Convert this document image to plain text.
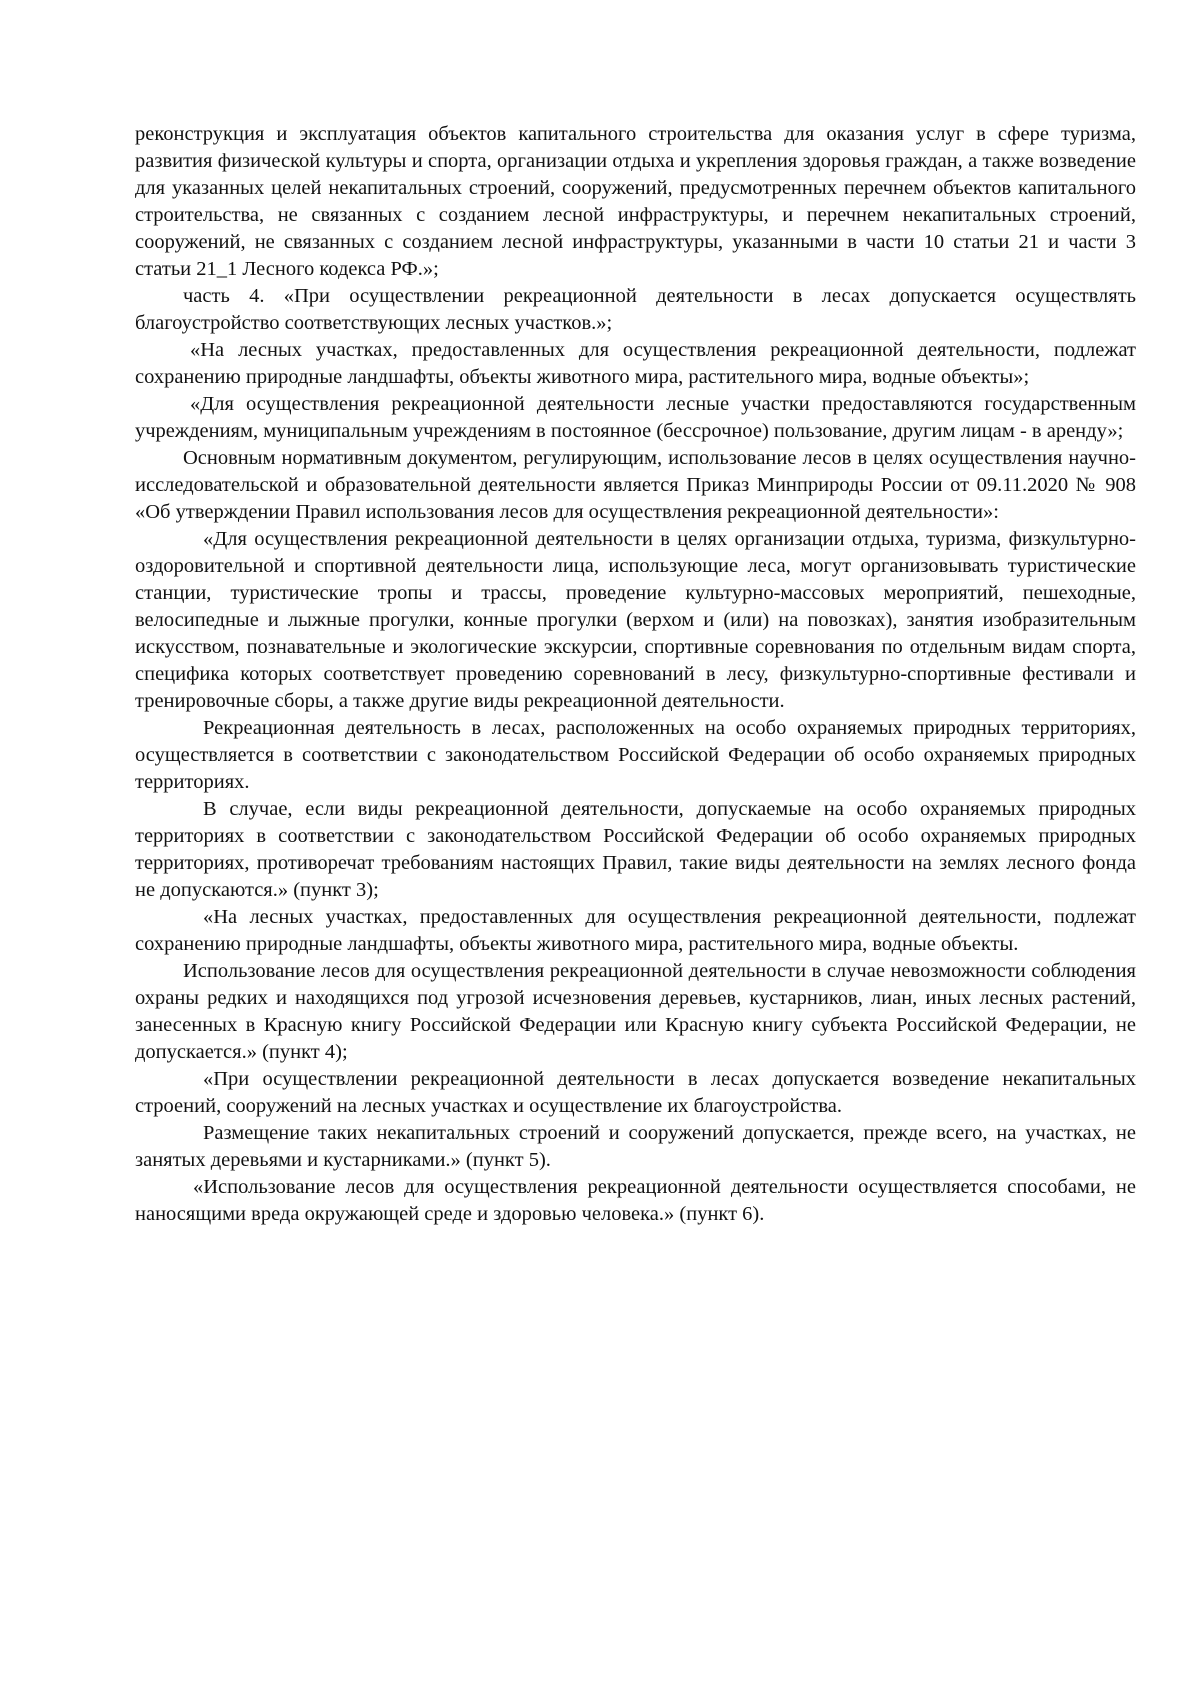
реконструкция и эксплуатация объектов капитального строительства для оказания услуг в сфере туризма, развития физической культуры и спорта, организации отдыха и укрепления здоровья граждан, а также возведение для указанных целей некапитальных строений, сооружений, предусмотренных перечнем объектов капитального строительства, не связанных с созданием лесной инфраструктуры, и перечнем некапитальных строений, сооружений, не связанных с созданием лесной инфраструктуры, указанными в части 10 статьи 21 и части 3 статьи 21_1 Лесного кодекса РФ.»;

часть 4. «При осуществлении рекреационной деятельности в лесах допускается осуществлять благоустройство соответствующих лесных участков.»;

«На лесных участках, предоставленных для осуществления рекреационной деятельности, подлежат сохранению природные ландшафты, объекты животного мира, растительного мира, водные объекты»;

«Для осуществления рекреационной деятельности лесные участки предоставляются государственным учреждениям, муниципальным учреждениям в постоянное (бессрочное) пользование, другим лицам - в аренду»;

Основным нормативным документом, регулирующим, использование лесов в целях осуществления научно-исследовательской и образовательной деятельности является Приказ Минприроды России от 09.11.2020 № 908 «Об утверждении Правил использования лесов для осуществления рекреационной деятельности»:

«Для осуществления рекреационной деятельности в целях организации отдыха, туризма, физкультурно-оздоровительной и спортивной деятельности лица, использующие леса, могут организовывать туристические станции, туристические тропы и трассы, проведение культурно-массовых мероприятий, пешеходные, велосипедные и лыжные прогулки, конные прогулки (верхом и (или) на повозках), занятия изобразительным искусством, познавательные и экологические экскурсии, спортивные соревнования по отдельным видам спорта, специфика которых соответствует проведению соревнований в лесу, физкультурно-спортивные фестивали и тренировочные сборы, а также другие виды рекреационной деятельности.

Рекреационная деятельность в лесах, расположенных на особо охраняемых природных территориях, осуществляется в соответствии с законодательством Российской Федерации об особо охраняемых природных территориях.

В случае, если виды рекреационной деятельности, допускаемые на особо охраняемых природных территориях в соответствии с законодательством Российской Федерации об особо охраняемых природных территориях, противоречат требованиям настоящих Правил, такие виды деятельности на землях лесного фонда не допускаются.» (пункт 3);

«На лесных участках, предоставленных для осуществления рекреационной деятельности, подлежат сохранению природные ландшафты, объекты животного мира, растительного мира, водные объекты.

Использование лесов для осуществления рекреационной деятельности в случае невозможности соблюдения охраны редких и находящихся под угрозой исчезновения деревьев, кустарников, лиан, иных лесных растений, занесенных в Красную книгу Российской Федерации или Красную книгу субъекта Российской Федерации, не допускается.» (пункт 4);

«При осуществлении рекреационной деятельности в лесах допускается возведение некапитальных строений, сооружений на лесных участках и осуществление их благоустройства.

Размещение таких некапитальных строений и сооружений допускается, прежде всего, на участках, не занятых деревьями и кустарниками.» (пункт 5).

«Использование лесов для осуществления рекреационной деятельности осуществляется способами, не наносящими вреда окружающей среде и здоровью человека.» (пункт 6).
